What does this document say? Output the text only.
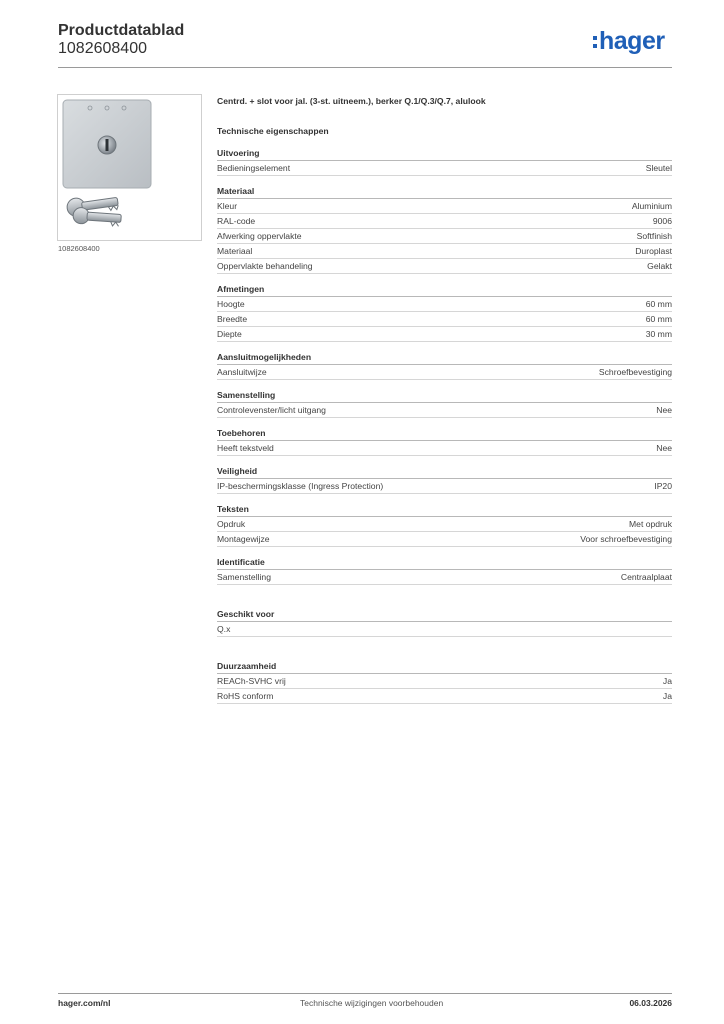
Productdatablad
1082608400	hager
1082608400
Centrd. + slot voor jal. (3-st. uitneem.), berker Q.1/Q.3/Q.7, alulook
Technische eigenschappen
Uitvoering
Bedieningselement	Sleutel
Materiaal
Kleur	Aluminium
RAL-code	9006
Afwerking oppervlakte	Softfinish
Materiaal	Duroplast
Oppervlakte behandeling	Gelakt
Afmetingen
Hoogte	60 mm
Breedte	60 mm
Diepte	30 mm
Aansluitmogelijkheden
Aansluitwijze	Schroefbevestiging
Samenstelling
Controlevenster/licht uitgang	Nee
Toebehoren
Heeft tekstveld	Nee
Veiligheid
IP-beschermingsklasse (Ingress Protection)	IP20
Teksten
Opdruk	Met opdruk
Montagewijze	Voor schroefbevestiging
Identificatie
Samenstelling	Centraalplaat
Geschikt voor
Q.x
Duurzaamheid
REACh-SVHC vrij	Ja
RoHS conform	Ja
hager.com/nl	Technische wijzigingen voorbehouden	06.03.2026
